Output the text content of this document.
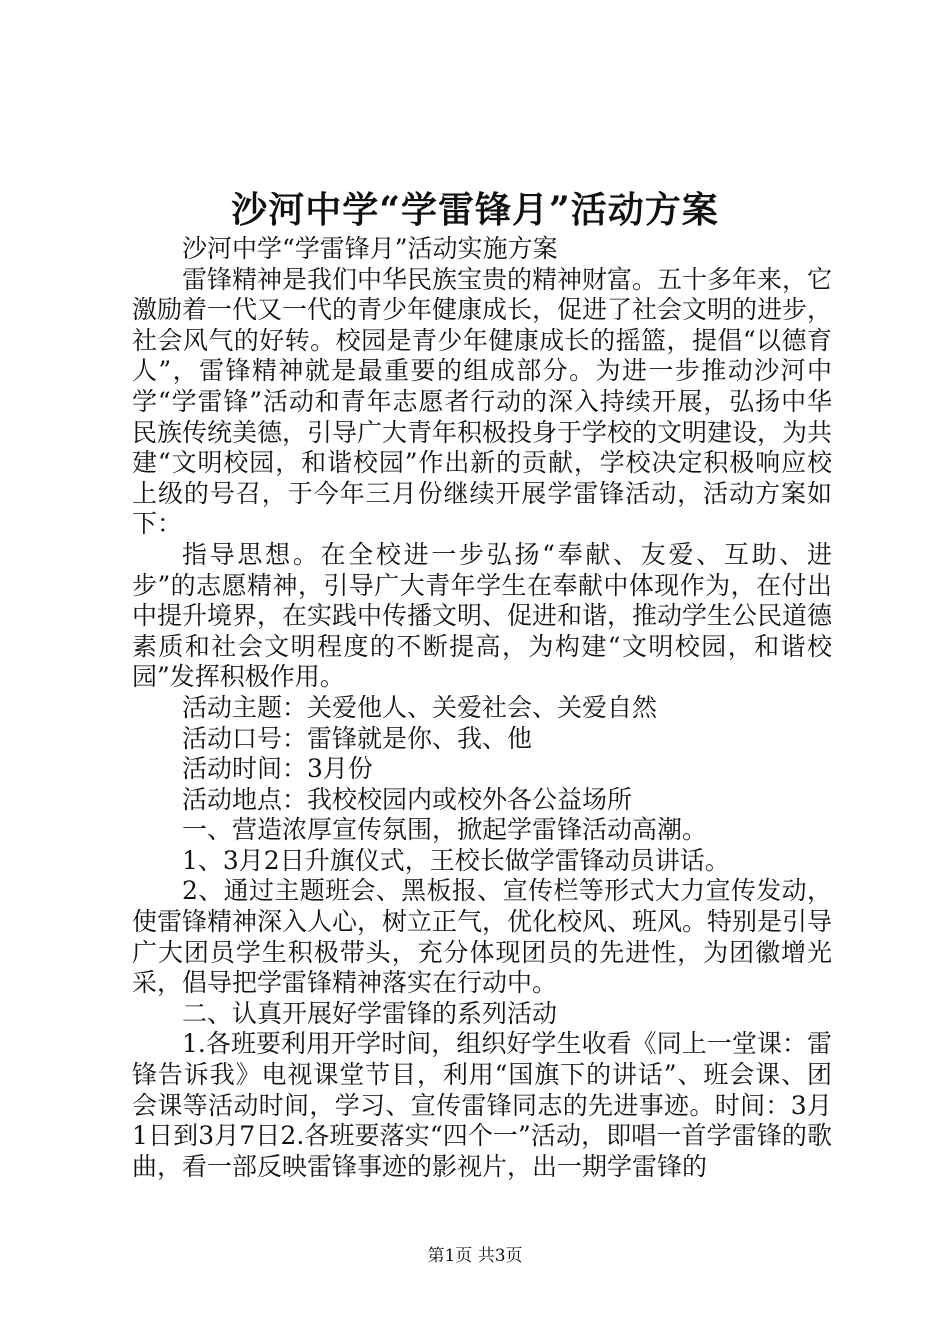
沙河中学“学雷锋月”活动方案

沙河中学“学雷锋月”活动实施方案

雷锋精神是我们中华民族宝贵的精神财富。五十多年来，它激励着一代又一代的青少年健康成长，促进了社会文明的进步，社会风气的好转。校园是青少年健康成长的摇篮，提倡“以德育人”，雷锋精神就是最重要的组成部分。为进一步推动沙河中学“学雷锋”活动和青年志愿者行动的深入持续开展，弘扬中华民族传统美德，引导广大青年积极投身于学校的文明建设，为共建“文明校园，和谐校园”作出新的贡献，学校决定积极响应校上级的号召，于今年三月份继续开展学雷锋活动，活动方案如下：

指导思想。在全校进一步弘扬“奉献、友爱、互助、进步”的志愿精神，引导广大青年学生在奉献中体现作为，在付出中提升境界，在实践中传播文明、促进和谐，推动学生公民道德素质和社会文明程度的不断提高，为构建“文明校园，和谐校园”发挥积极作用。

活动主题：关爱他人、关爱社会、关爱自然

活动口号：雷锋就是你、我、他

活动时间：3月份

活动地点：我校校园内或校外各公益场所

一、营造浓厚宣传氛围，掀起学雷锋活动高潮。

1、3月2日升旗仪式，王校长做学雷锋动员讲话。

2、通过主题班会、黑板报、宣传栏等形式大力宣传发动，使雷锋精神深入人心，树立正气，优化校风、班风。特别是引导广大团员学生积极带头，充分体现团员的先进性，为团徽增光采，倡导把学雷锋精神落实在行动中。

二、认真开展好学雷锋的系列活动

1.各班要利用开学时间，组织好学生收看《同上一堂课：雷锋告诉我》电视课堂节目，利用“国旗下的讲话”、班会课、团会课等活动时间，学习、宣传雷锋同志的先进事迹。时间：3月1日到3月7日2.各班要落实“四个一”活动，即唱一首学雷锋的歌曲，看一部反映雷锋事迹的影视片，出一期学雷锋的

第1页 共3页
